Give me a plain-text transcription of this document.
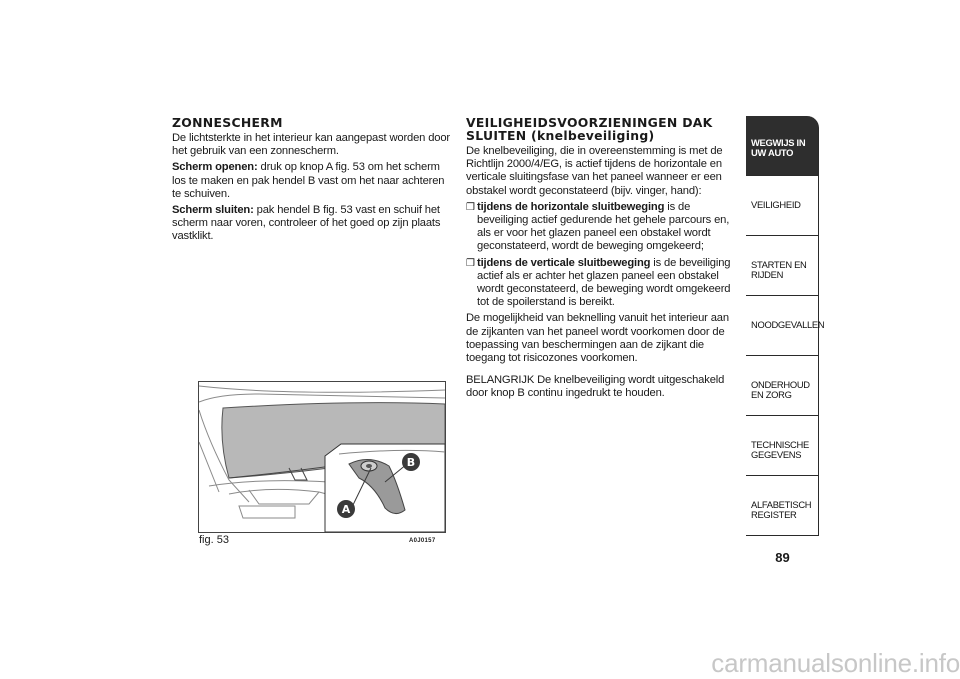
ZONNESCHERM

De lichtsterkte in het interieur kan aangepast worden door het gebruik van een zonnescherm.

Scherm openen: druk op knop A fig. 53 om het scherm los te maken en pak hendel B vast om het naar achteren te schuiven.

Scherm sluiten: pak hendel B fig. 53 vast en schuif het scherm naar voren, controleer of het goed op zijn plaats vastklikt.

VEILIGHEIDSVOORZIENINGEN DAK
SLUITEN (knelbeveiliging)

De knelbeveiliging, die in overeenstemming is met de Richtlijn 2000/4/EG, is actief tijdens de horizontale en verticale sluitingsfase van het paneel wanneer er een obstakel wordt geconstateerd (bijv. vinger, hand):

❒ tijdens de horizontale sluitbeweging is de beveiliging actief gedurende het gehele parcours en, als er voor het glazen paneel een obstakel wordt geconstateerd, wordt de beweging omgekeerd;
❒ tijdens de verticale sluitbeweging is de beveiliging actief als er achter het glazen paneel een obstakel wordt geconstateerd, de beweging wordt omgekeerd tot de spoilerstand is bereikt.

De mogelijkheid van beknelling vanuit het interieur aan de zijkanten van het paneel wordt voorkomen door de toepassing van beschermingen aan de zijkant die toegang tot risicozones voorkomen.

BELANGRIJK De knelbeveiliging wordt uitgeschakeld door knop B continu ingedrukt te houden.

A
B
fig. 53	A0J0157
WEGWIJS IN UW AUTO
VEILIGHEID
STARTEN EN RIJDEN
NOODGEVALLEN
ONDERHOUD EN ZORG
TECHNISCHE GEGEVENS
ALFABETISCH REGISTER
89
carmanualsonline.info
